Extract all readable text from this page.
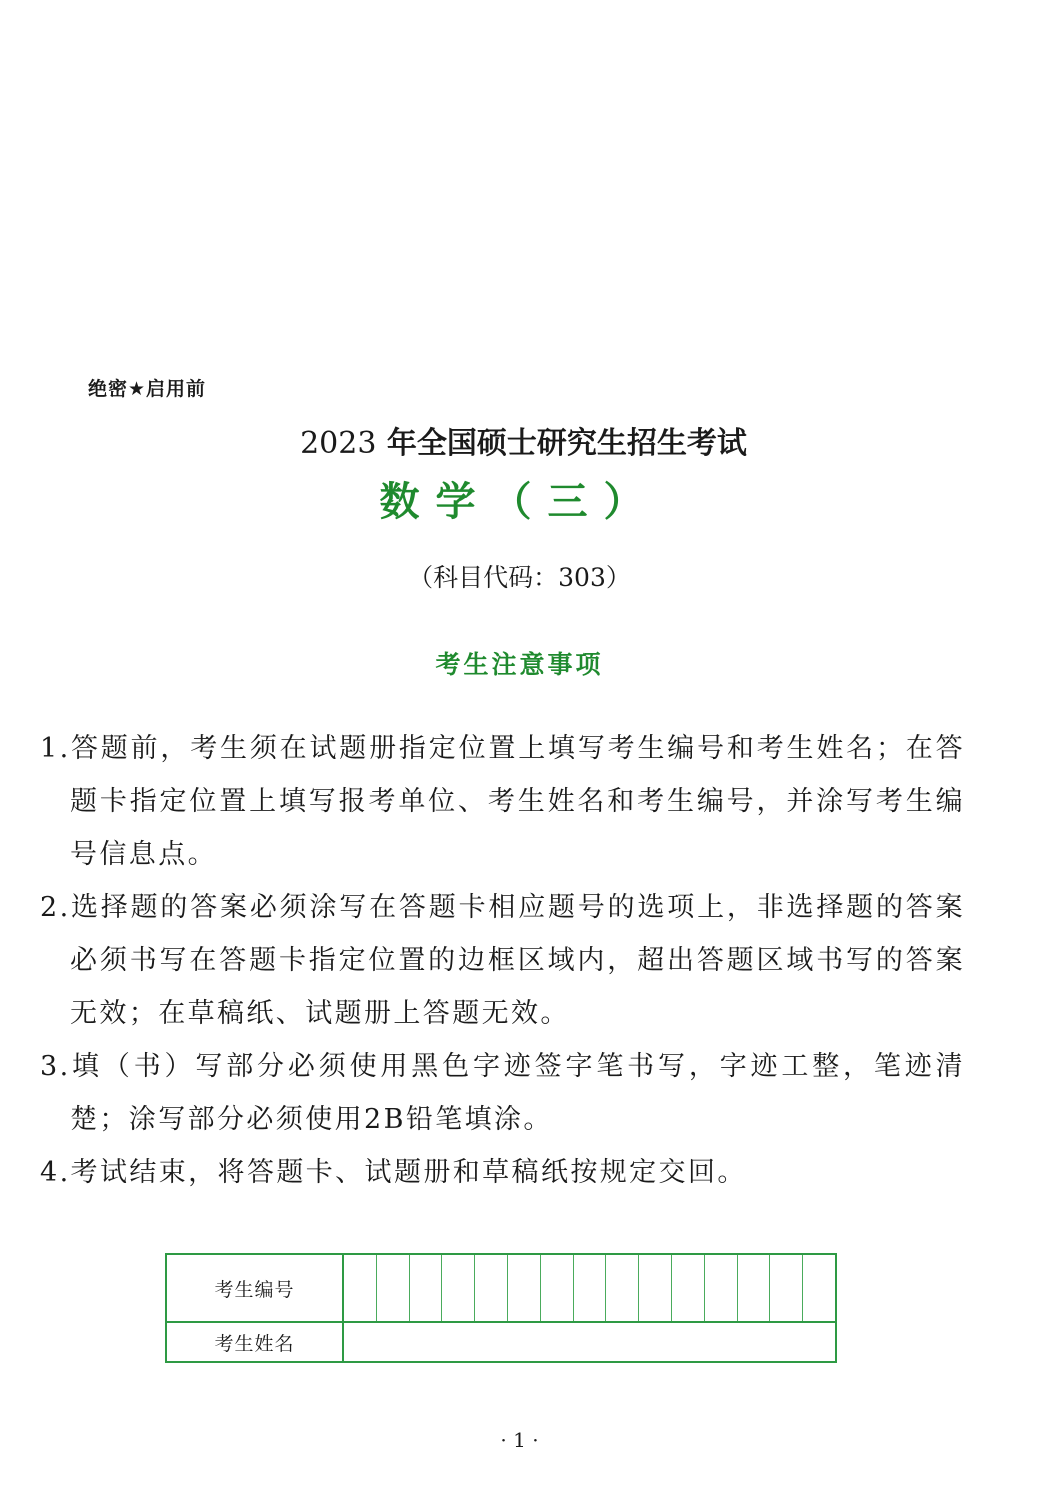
绝密★启用前
2023 年全国硕士研究生招生考试
数学（三）
（科目代码：303）
考生注意事项
1.答题前，考生须在试题册指定位置上填写考生编号和考生姓名；在答题卡指定位置上填写报考单位、考生姓名和考生编号，并涂写考生编号信息点。
2.选择题的答案必须涂写在答题卡相应题号的选项上，非选择题的答案必须书写在答题卡指定位置的边框区域内，超出答题区域书写的答案无效；在草稿纸、试题册上答题无效。
3.填（书）写部分必须使用黑色字迹签字笔书写，字迹工整，笔迹清楚；涂写部分必须使用2B铅笔填涂。
4.考试结束，将答题卡、试题册和草稿纸按规定交回。
考生编号
考生姓名
· 1 ·
